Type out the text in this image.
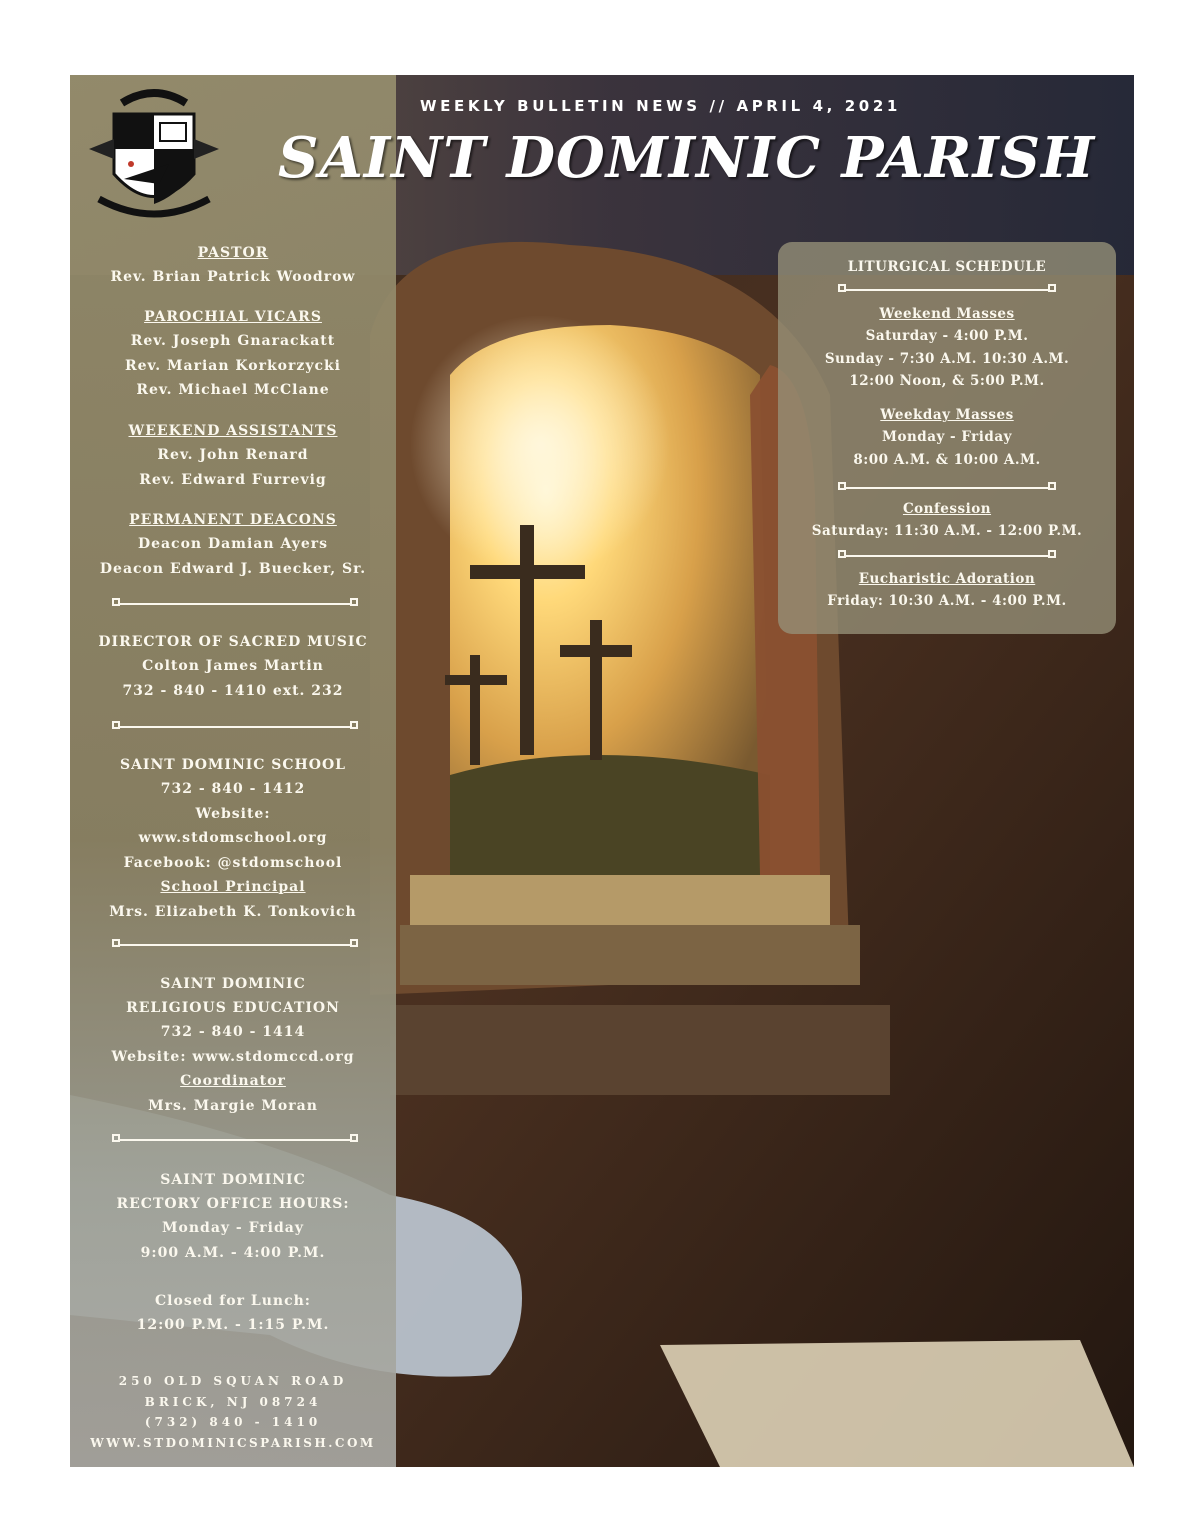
PASTOR
Rev. Brian Patrick Woodrow
PAROCHIAL VICARS
Rev. Joseph Gnarackatt
Rev. Marian Korkorzycki
Rev. Michael McClane
WEEKEND ASSISTANTS
Rev. John Renard
Rev. Edward Furrevig
PERMANENT DEACONS
Deacon Damian Ayers
Deacon Edward J. Buecker, Sr.
DIRECTOR OF SACRED MUSIC
Colton James Martin
732 - 840 - 1410 ext. 232
SAINT DOMINIC SCHOOL
732 - 840 - 1412
Website:
www.stdomschool.org
Facebook: @stdomschool
School Principal
Mrs. Elizabeth K. Tonkovich
SAINT DOMINIC
RELIGIOUS EDUCATION
732 - 840 - 1414
Website: www.stdomccd.org
Coordinator
Mrs. Margie Moran
SAINT DOMINIC
RECTORY OFFICE HOURS:
Monday - Friday
9:00 A.M. - 4:00 P.M.
Closed for Lunch:
12:00 P.M. - 1:15 P.M.
250 OLD SQUAN ROAD
BRICK, NJ 08724
(732) 840 - 1410
WWW.STDOMINICSPARISH.COM
WEEKLY BULLETIN NEWS // APRIL 4, 2021
SAINT DOMINIC PARISH
LITURGICAL SCHEDULE
Weekend Masses
Saturday - 4:00 P.M.
Sunday - 7:30 A.M. 10:30 A.M.
12:00 Noon, & 5:00 P.M.
Weekday Masses
Monday - Friday
8:00 A.M. & 10:00 A.M.
Confession
Saturday: 11:30 A.M. - 12:00 P.M.
Eucharistic Adoration
Friday: 10:30 A.M. - 4:00 P.M.
